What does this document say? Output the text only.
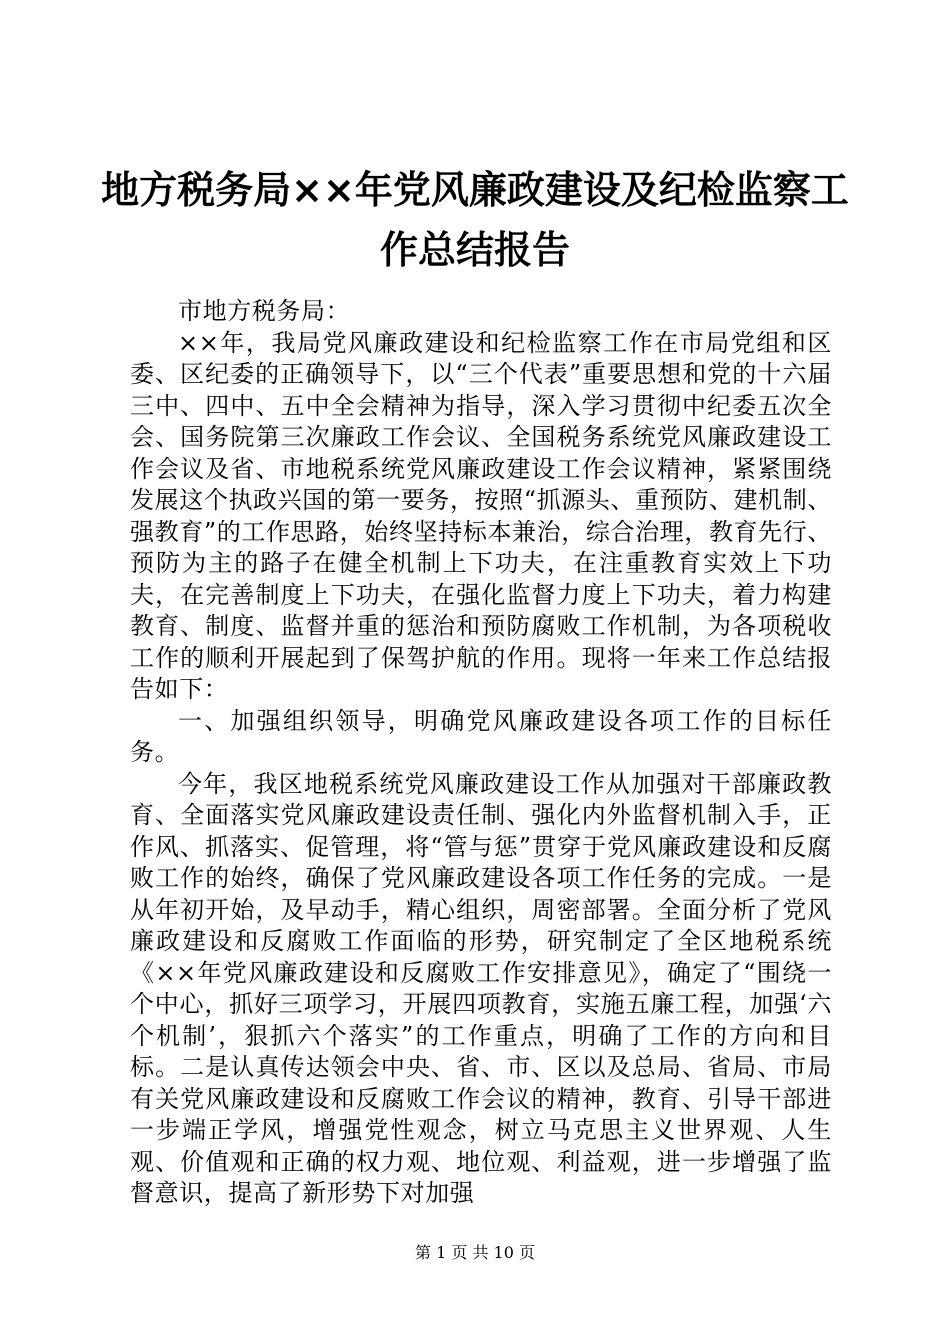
地方税务局××年党风廉政建设及纪检监察工作总结报告

市地方税务局：

××年，我局党风廉政建设和纪检监察工作在市局党组和区委、区纪委的正确领导下，以“三个代表”重要思想和党的十六届三中、四中、五中全会精神为指导，深入学习贯彻中纪委五次全会、国务院第三次廉政工作会议、全国税务系统党风廉政建设工作会议及省、市地税系统党风廉政建设工作会议精神，紧紧围绕发展这个执政兴国的第一要务，按照“抓源头、重预防、建机制、强教育”的工作思路，始终坚持标本兼治，综合治理，教育先行、预防为主的路子在健全机制上下功夫，在注重教育实效上下功夫，在完善制度上下功夫，在强化监督力度上下功夫，着力构建教育、制度、监督并重的惩治和预防腐败工作机制，为各项税收工作的顺利开展起到了保驾护航的作用。现将一年来工作总结报告如下：

一、加强组织领导，明确党风廉政建设各项工作的目标任务。

今年，我区地税系统党风廉政建设工作从加强对干部廉政教育、全面落实党风廉政建设责任制、强化内外监督机制入手，正作风、抓落实、促管理，将“管与惩”贯穿于党风廉政建设和反腐败工作的始终，确保了党风廉政建设各项工作任务的完成。一是从年初开始，及早动手，精心组织，周密部署。全面分析了党风廉政建设和反腐败工作面临的形势，研究制定了全区地税系统《××年党风廉政建设和反腐败工作安排意见》，确定了“围绕一个中心，抓好三项学习，开展四项教育，实施五廉工程，加强‘六个机制’，狠抓六个落实”的工作重点，明确了工作的方向和目标。二是认真传达领会中央、省、市、区以及总局、省局、市局有关党风廉政建设和反腐败工作会议的精神，教育、引导干部进一步端正学风，增强党性观念，树立马克思主义世界观、人生观、价值观和正确的权力观、地位观、利益观，进一步增强了监督意识，提高了新形势下对加强

第 1 页 共 10 页
